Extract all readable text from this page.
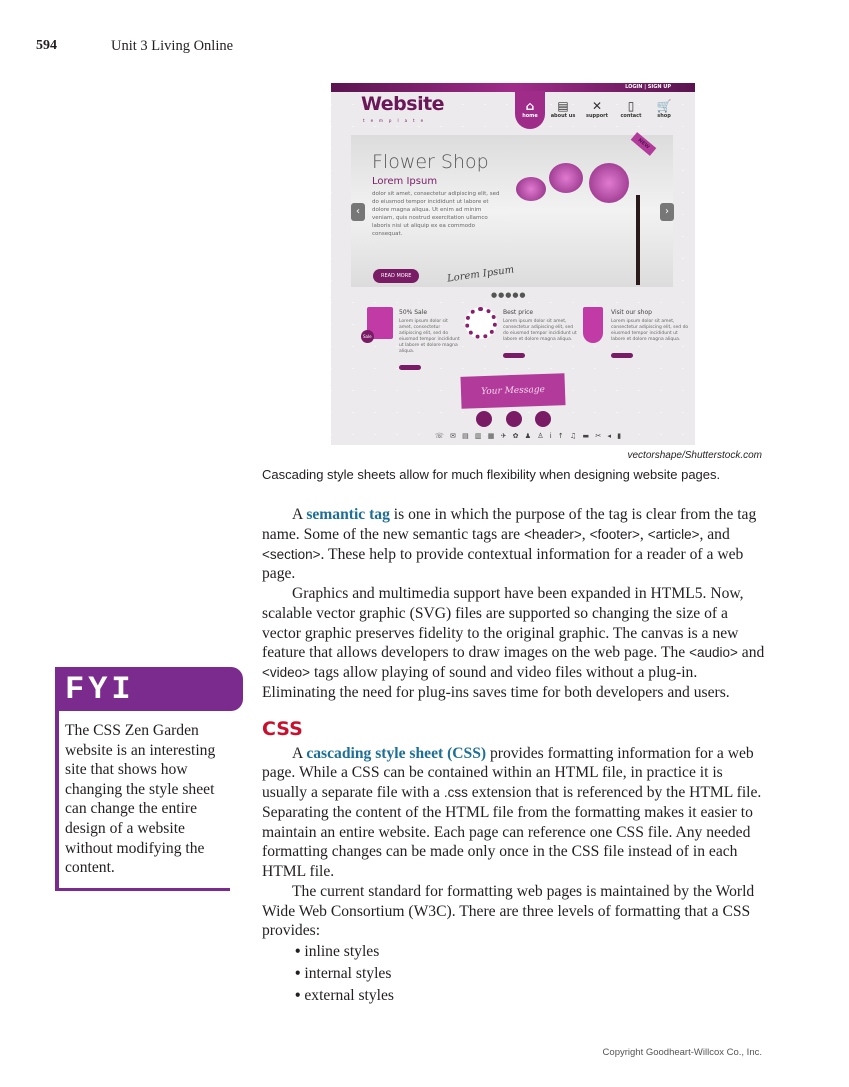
594	Unit 3 Living Online
LOGIN | SIGN UP
Website
template
⌂
home
▤
about us
✕
support
▯
contact
🛒
shop
Flower Shop
Lorem Ipsum
dolor sit amet, consectetur adipiscing elit, sed do eiusmod tempor incididunt ut labore et dolore magna aliqua. Ut enim ad minim veniam, quis nostrud exercitation ullamco laboris nisi ut aliquip ex ea commodo consequat.
READ MORE	Lorem Ipsum
‹	›
NEW
●●●●●
Sale
50% Sale
Lorem ipsum dolor sit amet, consectetur adipiscing elit, sed do eiusmod tempor incididunt ut labore et dolore magna aliqua.
Best price
Lorem ipsum dolor sit amet, consectetur adipiscing elit, sed do eiusmod tempor incididunt ut labore et dolore magna aliqua.
Visit our shop
Lorem ipsum dolor sit amet, consectetur adipiscing elit, sed do eiusmod tempor incididunt ut labore et dolore magna aliqua.
Your Message
☏ ✉ ▤ ▥ ▦ ✈ ✿ ♟ ♙ i ↑ ♫ ▬ ✂ ◂ ▮
vectorshape/Shutterstock.com
Cascading style sheets allow for much flexibility when designing website pages.

A semantic tag is one in which the purpose of the tag is clear from the tag name. Some of the new semantic tags are <header>, <footer>, <article>, and <section>. These help to provide contextual information for a reader of a web page.

Graphics and multimedia support have been expanded in HTML5. Now, scalable vector graphic (SVG) files are supported so changing the size of a vector graphic preserves fidelity to the original graphic. The canvas is a new feature that allows developers to draw images on the web page. The <audio> and <video> tags allow playing of sound and video files without a plug-in. Eliminating the need for plug-ins saves time for both developers and users.

CSS

A cascading style sheet (CSS) provides formatting information for a web page. While a CSS can be contained within an HTML file, in practice it is usually a separate file with a .css extension that is referenced by the HTML file. Separating the content of the HTML file from the formatting makes it easier to maintain an entire website. Each page can reference one CSS file. Any needed formatting changes can be made only once in the CSS file instead of in each HTML file.

The current standard for formatting web pages is maintained by the World Wide Web Consortium (W3C). There are three levels of formatting that a CSS provides:

• inline styles
• internal styles
• external styles
FYI
The CSS Zen Garden website is an interesting site that shows how changing the style sheet can change the entire design of a website without modifying the content.
Copyright Goodheart-Willcox Co., Inc.
